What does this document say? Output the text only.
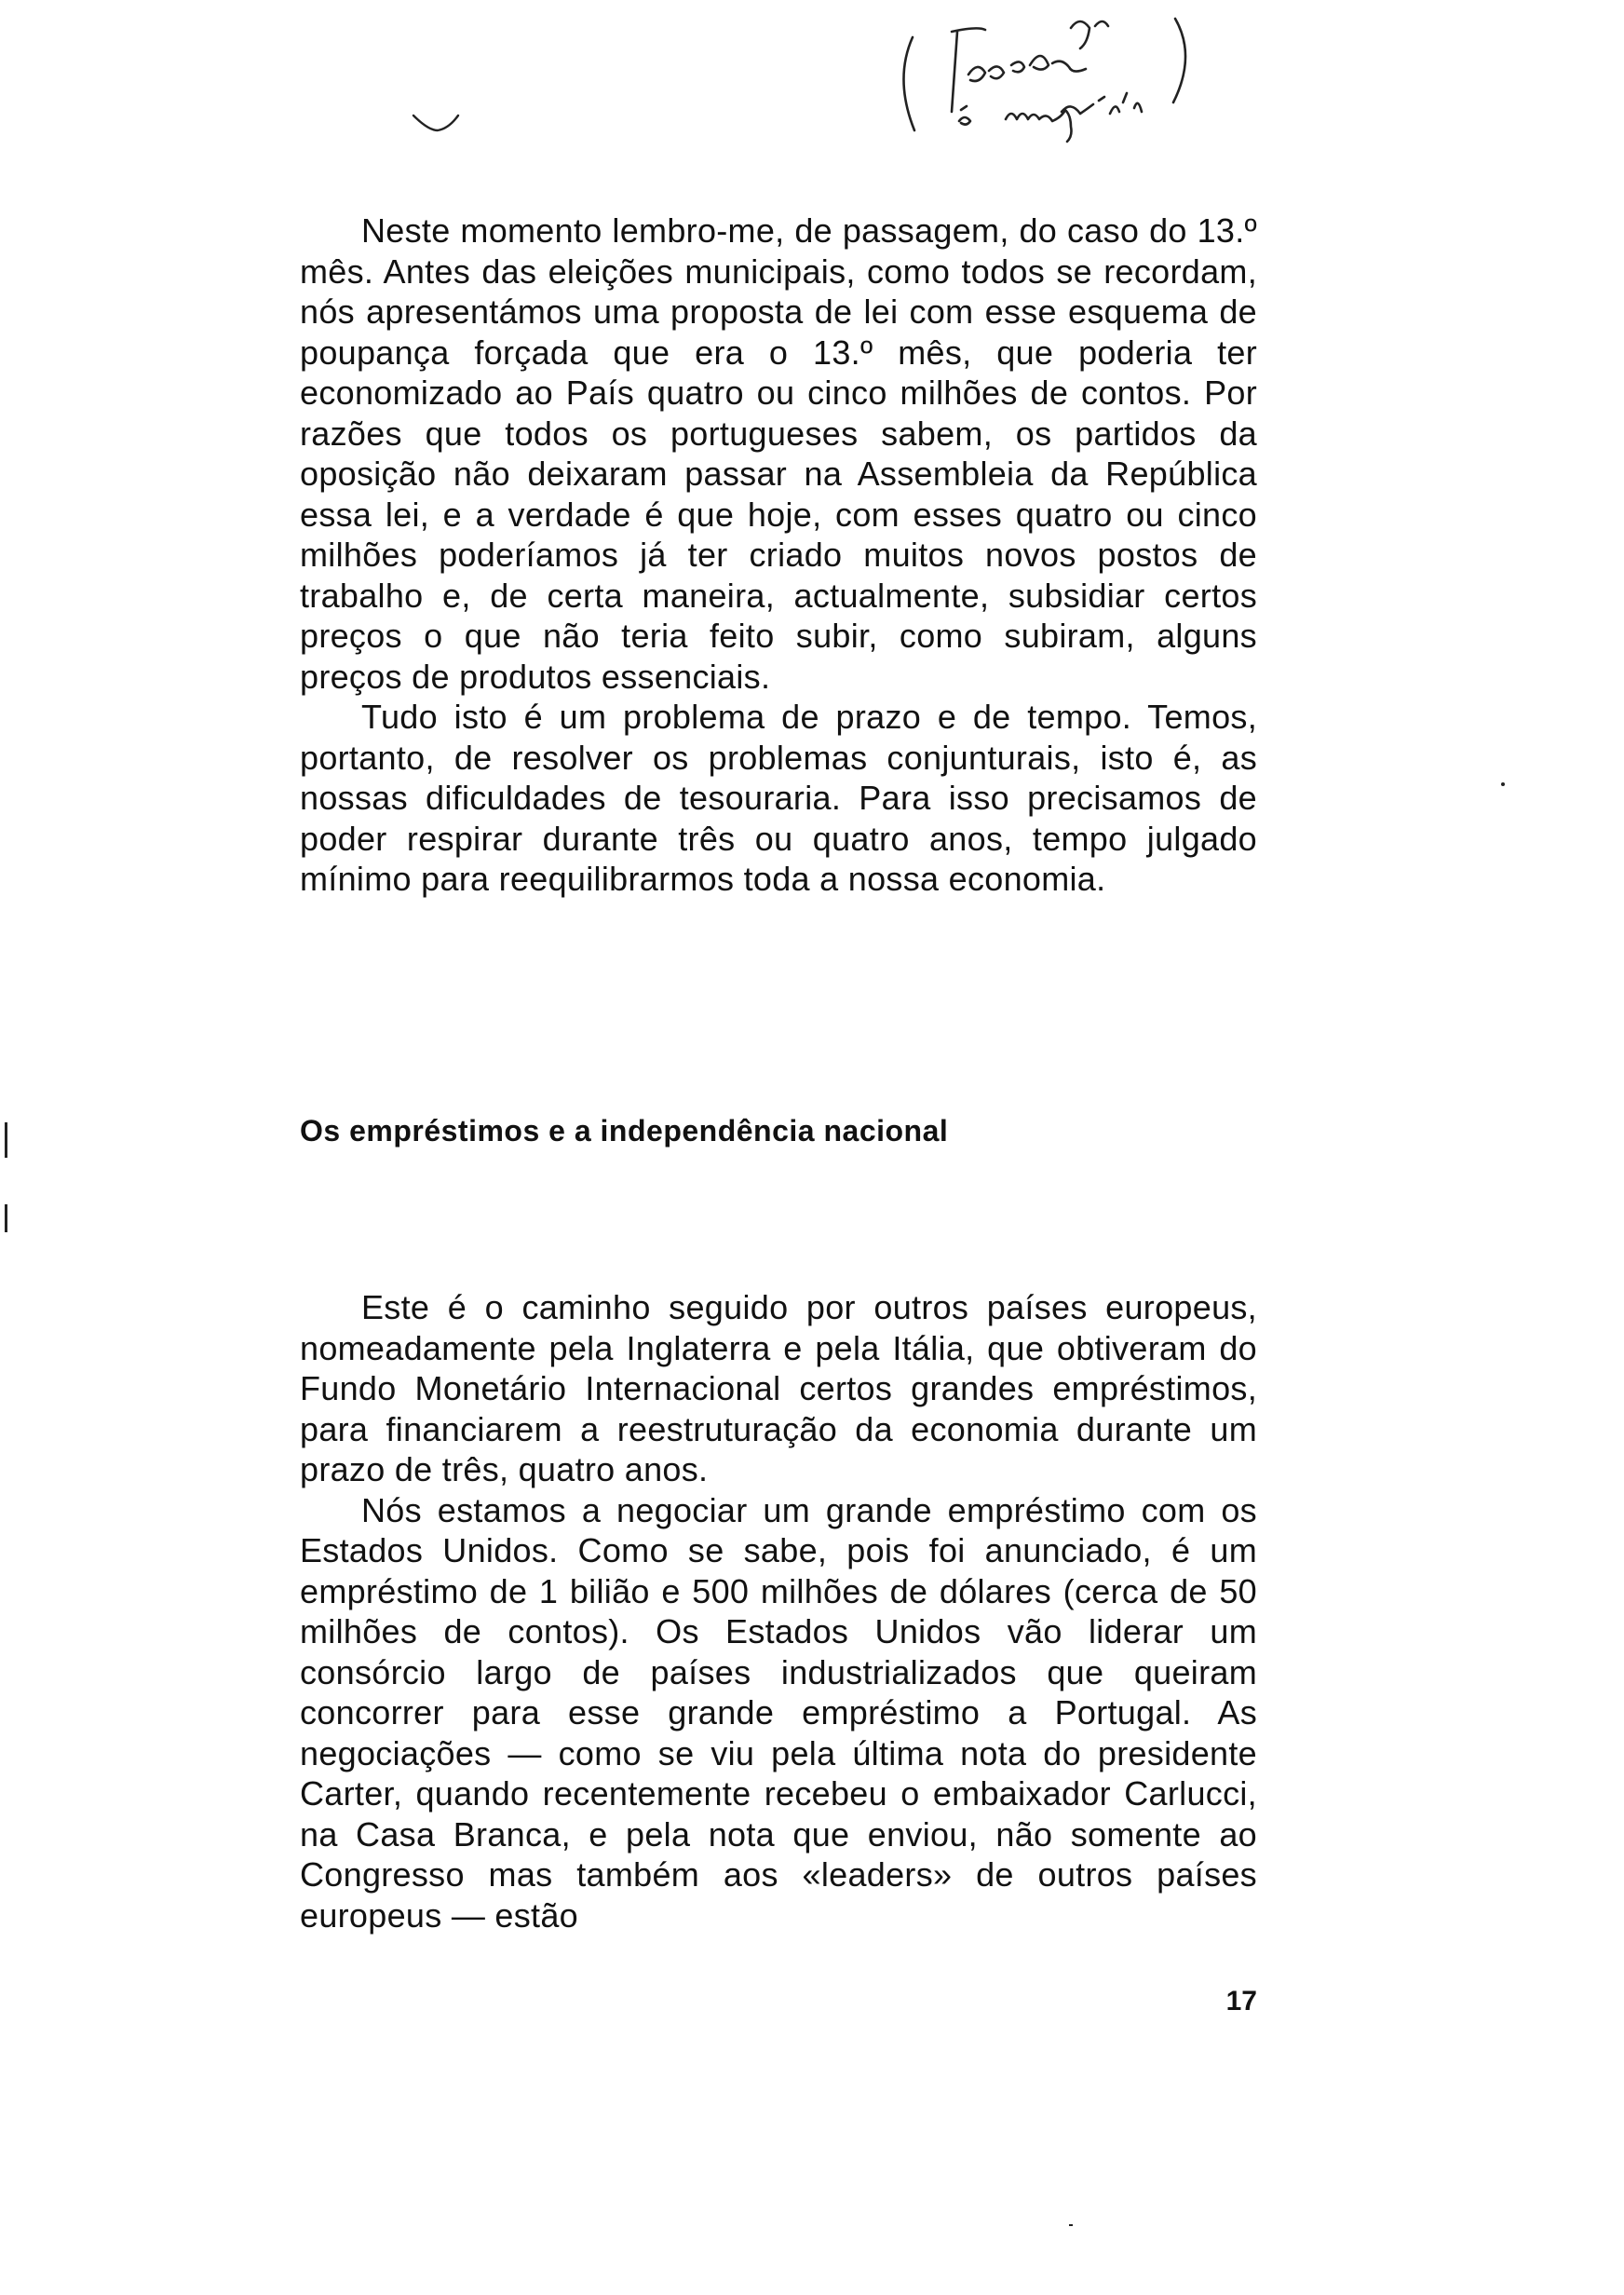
Neste momento lembro-me, de passagem, do caso do 13.º mês. Antes das eleições municipais, como todos se recordam, nós apresentámos uma proposta de lei com esse esquema de poupança forçada que era o 13.º mês, que poderia ter economizado ao País quatro ou cinco milhões de contos. Por razões que todos os portugueses sabem, os partidos da oposição não deixaram passar na Assembleia da República essa lei, e a verdade é que hoje, com esses quatro ou cinco milhões poderíamos já ter criado muitos novos postos de trabalho e, de certa maneira, actualmente, subsidiar certos preços o que não teria feito subir, como subiram, alguns preços de produtos essenciais.

Tudo isto é um problema de prazo e de tempo. Temos, portanto, de resolver os problemas conjunturais, isto é, as nossas dificuldades de tesouraria. Para isso precisamos de poder respirar durante três ou quatro anos, tempo julgado mínimo para reequilibrarmos toda a nossa economia.

Os empréstimos e a independência nacional

Este é o caminho seguido por outros países europeus, nomeadamente pela Inglaterra e pela Itália, que obtiveram do Fundo Monetário Internacional certos grandes empréstimos, para financiarem a reestruturação da economia durante um prazo de três, quatro anos.

Nós estamos a negociar um grande empréstimo com os Estados Unidos. Como se sabe, pois foi anunciado, é um empréstimo de 1 bilião e 500 milhões de dólares (cerca de 50 milhões de contos). Os Estados Unidos vão liderar um consórcio largo de países industrializados que queiram concorrer para esse grande empréstimo a Portugal. As negociações — como se viu pela última nota do presidente Carter, quando recentemente recebeu o embaixador Carlucci, na Casa Branca, e pela nota que enviou, não somente ao Congresso mas também aos «leaders» de outros países europeus — estão

17
